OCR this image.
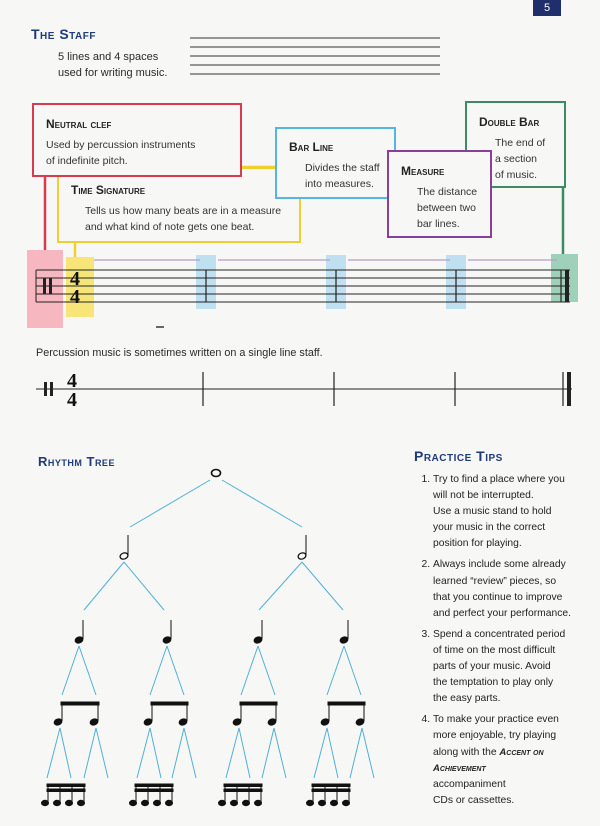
5
The Staff
5 lines and 4 spaces
used for writing music.
Time Signature
Tells us how many beats are in a measure
and what kind of note gets one beat.
Neutral clef
Used by percussion instruments
of indefinite pitch.
Bar Line
Divides the staff
into measures.
Double Bar
The end of
a section
of music.
Measure
The distance
between two
bar lines.
4
4
Percussion music is sometimes written on a single line staff.
4
4
Rhythm Tree	Practice Tips
1. Try to find a place where you
will not be interrupted.
Use a music stand to hold
your music in the correct
position for playing.
2. Always include some already
learned “review” pieces, so
that you continue to improve
and perfect your performance.
3. Spend a concentrated period
of time on the most difficult
parts of your music. Avoid
the temptation to play only
the easy parts.
4. To make your practice even
more enjoyable, try playing
along with the Accent on Achievement
accompaniment
CDs or cassettes.
